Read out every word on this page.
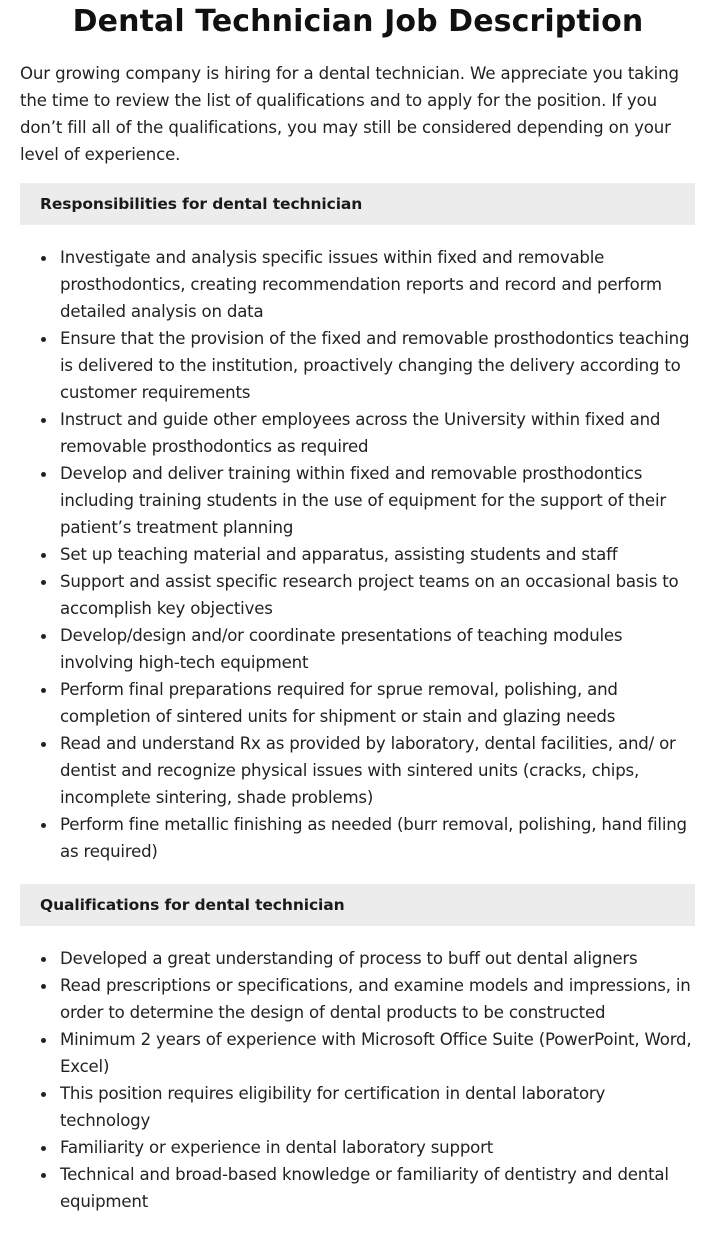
Dental Technician Job Description

Our growing company is hiring for a dental technician. We appreciate you taking the time to review the list of qualifications and to apply for the position. If you don’t fill all of the qualifications, you may still be considered depending on your level of experience.

Responsibilities for dental technician
Investigate and analysis specific issues within fixed and removable prosthodontics, creating recommendation reports and record and perform detailed analysis on data
Ensure that the provision of the fixed and removable prosthodontics teaching is delivered to the institution, proactively changing the delivery according to customer requirements
Instruct and guide other employees across the University within fixed and removable prosthodontics as required
Develop and deliver training within fixed and removable prosthodontics including training students in the use of equipment for the support of their patient’s treatment planning
Set up teaching material and apparatus, assisting students and staff
Support and assist specific research project teams on an occasional basis to accomplish key objectives
Develop/design and/or coordinate presentations of teaching modules involving high-tech equipment
Perform final preparations required for sprue removal, polishing, and completion of sintered units for shipment or stain and glazing needs
Read and understand Rx as provided by laboratory, dental facilities, and/ or dentist and recognize physical issues with sintered units (cracks, chips, incomplete sintering, shade problems)
Perform fine metallic finishing as needed (burr removal, polishing, hand filing as required)
Qualifications for dental technician
Developed a great understanding of process to buff out dental aligners
Read prescriptions or specifications, and examine models and impressions, in order to determine the design of dental products to be constructed
Minimum 2 years of experience with Microsoft Office Suite (PowerPoint, Word, Excel)
This position requires eligibility for certification in dental laboratory technology
Familiarity or experience in dental laboratory support
Technical and broad-based knowledge or familiarity of dentistry and dental equipment
